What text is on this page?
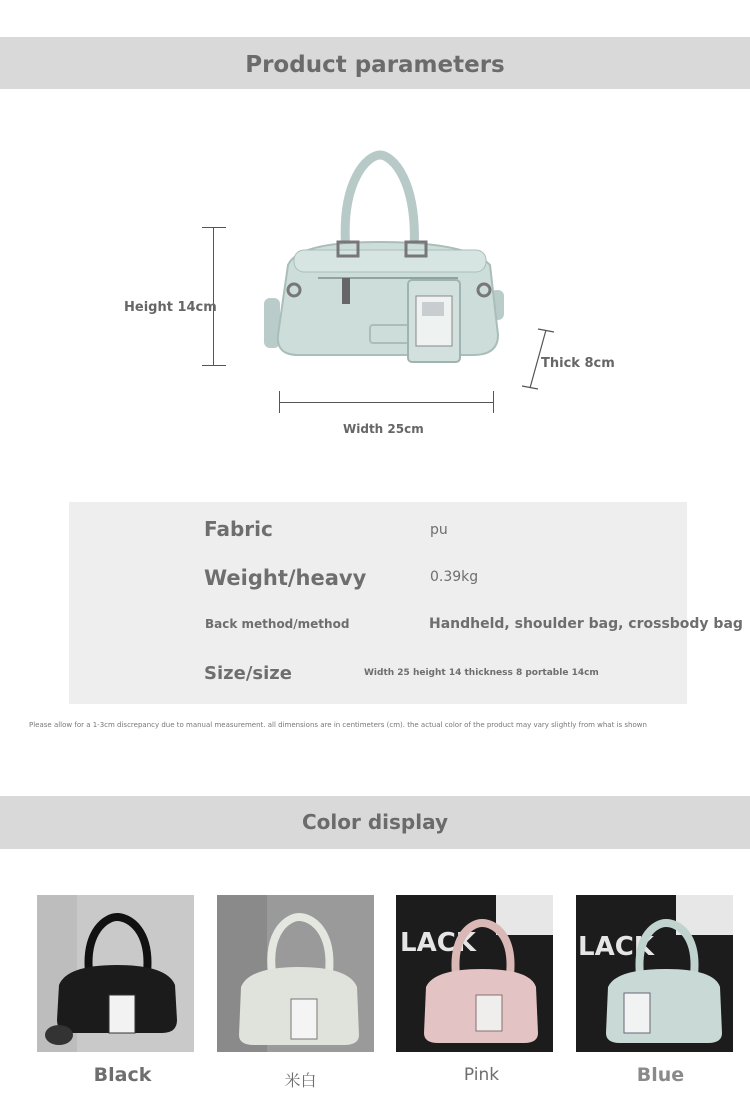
Product parameters
Height 14cm
Thick 8cm
Width 25cm
Fabric	pu
Weight/heavy	0.39kg
Back method/method	Handheld, shoulder bag, crossbody bag
Size/size	Width 25 height 14 thickness 8 portable 14cm
Please allow for a 1-3cm discrepancy due to manual measurement. all dimensions are in centimeters (cm). the actual color of the product may vary slightly from what is shown
Color display
LACK	LACK
Black	米白	Pink	Blue
